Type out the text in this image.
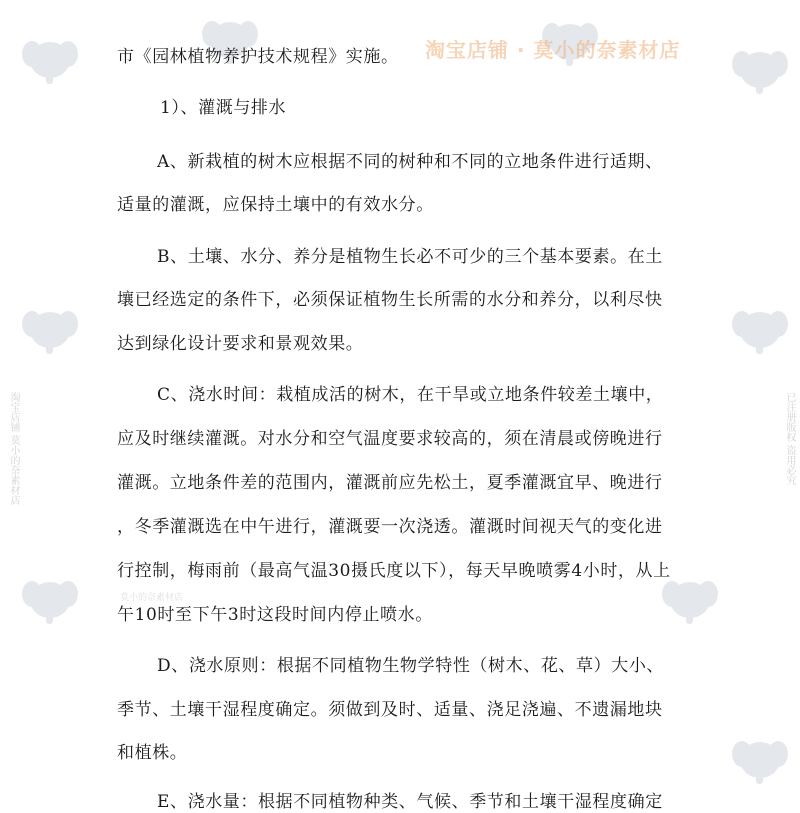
淘宝店铺 · 莫小的奈素材店
淘宝店铺 莫小的奈素材店	已注册版权 盗用必究
莫小的奈素材店
市《园林植物养护技术规程》实施。
1）、灌溉与排水
A、新栽植的树木应根据不同的树种和不同的立地条件进行适期、
适量的灌溉，应保持土壤中的有效水分。
B、土壤、水分、养分是植物生长必不可少的三个基本要素。在土
壤已经选定的条件下，必须保证植物生长所需的水分和养分，以利尽快
达到绿化设计要求和景观效果。
C、浇水时间：栽植成活的树木，在干旱或立地条件较差土壤中，
应及时继续灌溉。对水分和空气温度要求较高的，须在清晨或傍晚进行
灌溉。立地条件差的范围内，灌溉前应先松土，夏季灌溉宜早、晚进行
，冬季灌溉选在中午进行，灌溉要一次浇透。灌溉时间视天气的变化进
行控制，梅雨前（最高气温30摄氏度以下），每天早晚喷雾4小时，从上
午10时至下午3时这段时间内停止喷水。
D、浇水原则：根据不同植物生物学特性（树木、花、草）大小、
季节、土壤干湿程度确定。须做到及时、适量、浇足浇遍、不遗漏地块
和植株。
E、浇水量：根据不同植物种类、气候、季节和土壤干湿程度确定
